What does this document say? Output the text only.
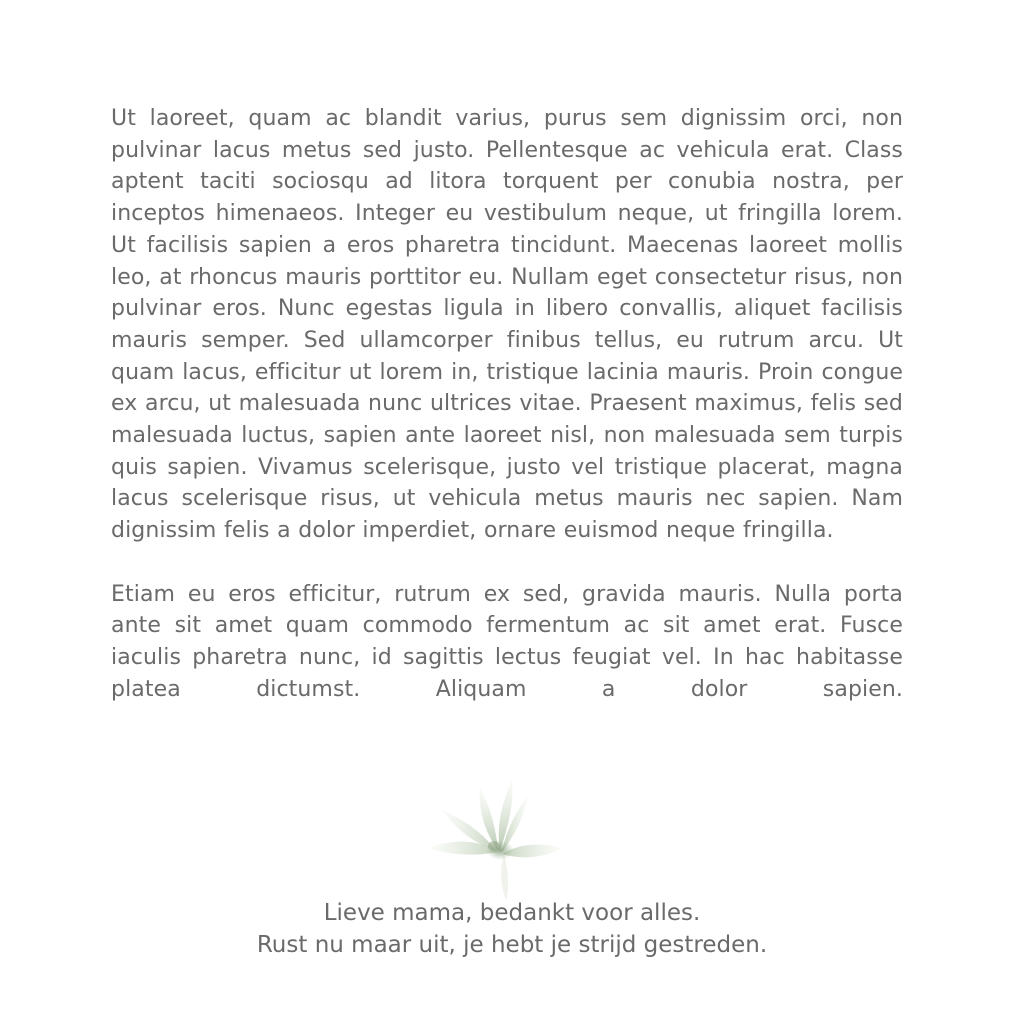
Ut laoreet, quam ac blandit varius, purus sem dignissim orci, non pulvinar lacus metus sed justo. Pellentesque ac vehicula erat. Class aptent taciti sociosqu ad litora torquent per conubia nostra, per inceptos himenaeos. Integer eu vestibulum neque, ut fringilla lorem. Ut facilisis sapien a eros pharetra tincidunt. Maecenas laoreet mollis leo, at rhoncus mauris porttitor eu. Nullam eget consectetur risus, non pulvinar eros. Nunc egestas ligula in libero convallis, aliquet facilisis mauris semper. Sed ullamcorper finibus tellus, eu rutrum arcu. Ut quam lacus, efficitur ut lorem in, tristique lacinia mauris. Proin congue ex arcu, ut malesuada nunc ultrices vitae. Praesent maximus, felis sed malesuada luctus, sapien ante laoreet nisl, non malesuada sem turpis quis sapien. Vivamus scelerisque, justo vel tristique placerat, magna lacus scelerisque risus, ut vehicula metus mauris nec sapien. Nam dignissim felis a dolor imperdiet, ornare euismod neque fringilla.

Etiam eu eros efficitur, rutrum ex sed, gravida mauris. Nulla porta ante sit amet quam commodo fermentum ac sit amet erat. Fusce iaculis pharetra nunc, id sagittis lectus feugiat vel. In hac habitasse platea dictumst. Aliquam a dolor sapien.

Lieve mama, bedankt voor alles.
Rust nu maar uit, je hebt je strijd gestreden.
